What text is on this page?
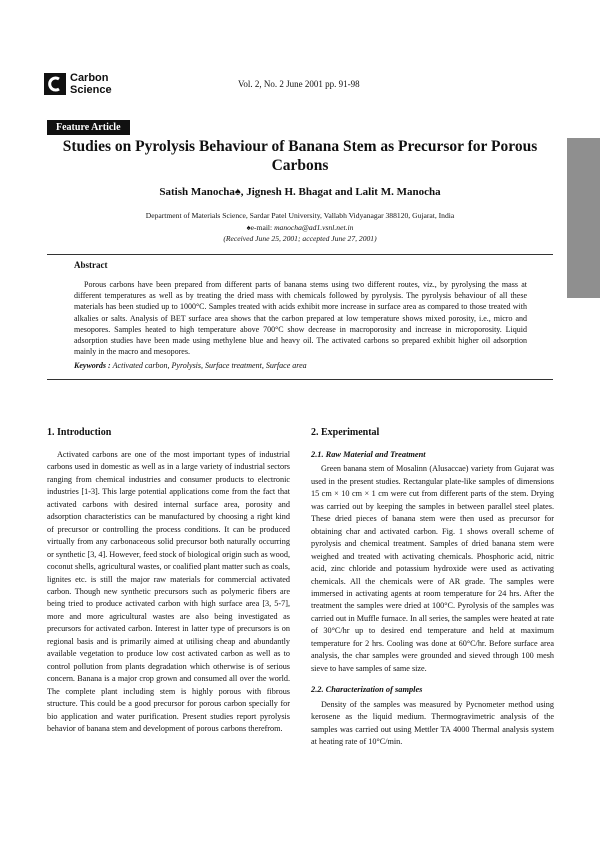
Carbon
Science	Vol. 2, No. 2 June 2001 pp. 91-98
Feature Article
Studies on Pyrolysis Behaviour of Banana Stem as Precursor for Porous Carbons
Satish Manocha♠, Jignesh H. Bhagat and Lalit M. Manocha
Department of Materials Science, Sardar Patel University, Vallabh Vidyanagar 388120, Gujarat, India
♠e-mail: manocha@ad1.vsnl.net.in
(Received June 25, 2001; accepted June 27, 2001)
Abstract

Porous carbons have been prepared from different parts of banana stems using two different routes, viz., by pyrolysing the mass at different temperatures as well as by treating the dried mass with chemicals followed by pyrolysis. The pyrolysis behaviour of all these materials has been studied up to 1000°C. Samples treated with acids exhibit more increase in surface area as compared to those treated with alkalies or salts. Analysis of BET surface area shows that the carbon prepared at low temperature shows mixed porosity, i.e., micro and mesopores. Samples heated to high temperature above 700°C show decrease in macroporosity and increase in microporosity. Liquid adsorption studies have been made using methylene blue and heavy oil. The activated carbons so prepared exhibit higher oil adsorption mainly in the macro and mesopores.

Keywords : Activated carbon, Pyrolysis, Surface treatment, Surface area
1. Introduction

Activated carbons are one of the most important types of industrial carbons used in domestic as well as in a large variety of industrial sectors ranging from chemical industries and consumer products to electronic industries [1-3]. This large potential applications come from the fact that activated carbons with desired internal surface area, porosity and adsorption characteristics can be manufactured by choosing a right kind of precursor or controlling the process conditions. It can be produced virtually from any carbonaceous solid precursor both naturally occurring or synthetic [3, 4]. However, feed stock of biological origin such as wood, coconut shells, agricultural wastes, or coalified plant matter such as coals, lignites etc. is still the major raw materials for commercial activated carbon. Though new synthetic precursors such as polymeric fibers are being tried to produce activated carbon with high surface area [3, 5-7], more and more agricultural wastes are also being investigated as precursors for activated carbon. Interest in latter type of precursors is on regional basis and is primarily aimed at utilising cheap and abundantly available vegetation to produce low cost activated carbon as well as to control pollution from plants degradation which otherwise is of serious concern. Banana is a major crop grown and consumed all over the world. The complete plant including stem is highly porous with fibrous structure. This could be a good precursor for porous carbon specially for bio application and water purification. Present studies report pyrolysis behavior of banana stem and development of porous carbons therefrom.

2. Experimental
2.1. Raw Material and Treatment

Green banana stem of Mosalinn (Alusaccae) variety from Gujarat was used in the present studies. Rectangular plate-like samples of dimensions 15 cm × 10 cm × 1 cm were cut from different parts of the stem. Drying was carried out by keeping the samples in between parallel steel plates. These dried pieces of banana stem were then used as precursor for obtaining char and activated carbon. Fig. 1 shows overall scheme of pyrolysis and chemical treatment. Samples of dried banana stem were weighed and treated with activating chemicals. Phosphoric acid, nitric acid, zinc chloride and potassium hydroxide were used as activating chemicals. All the chemicals were of AR grade. The samples were immersed in activating agents at room temperature for 24 hrs. After the treatment the samples were dried at 100°C. Pyrolysis of the samples was carried out in Muffle furnace. In all series, the samples were heated at rate of 30°C/hr up to desired end temperature and held at maximum temperature for 2 hrs. Cooling was done at 60°C/hr. Before surface area analysis, the char samples were grounded and sieved through 100 mesh sieve to have samples of same size.

2.2. Characterization of samples

Density of the samples was measured by Pycnometer method using kerosene as the liquid medium. Thermogravimetric analysis of the samples was carried out using Mettler TA 4000 Thermal analysis system at heating rate of 10°C/min.
